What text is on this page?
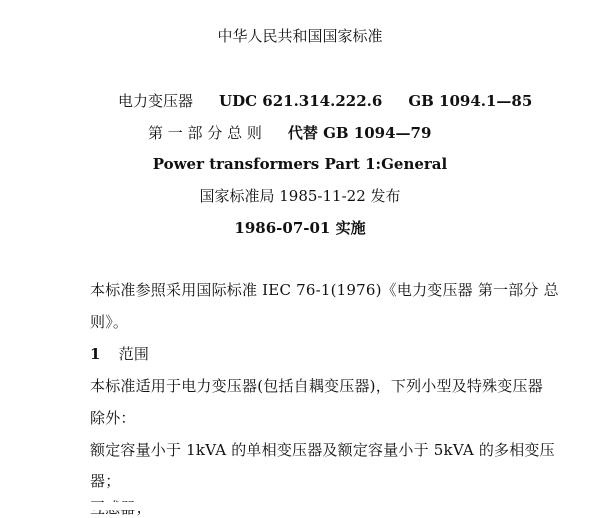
中华人民共和国国家标准
电力变压器 UDC 621.314.222.6 GB 1094.1—85
第 一 部 分 总 则 代替 GB 1094—79
Power transformers Part 1:General
国家标准局 1985-11-22 发布
1986-07-01 实施
本标准参照采用国际标准 IEC 76-1(1976)《电力变压器 第一部分 总
则》。
1 范围
本标准适用于电力变压器(包括自耦变压器)，下列小型及特殊变压器
除外：
额定容量小于 1kVA 的单相变压器及额定容量小于 5kVA 的多相变压
器；
